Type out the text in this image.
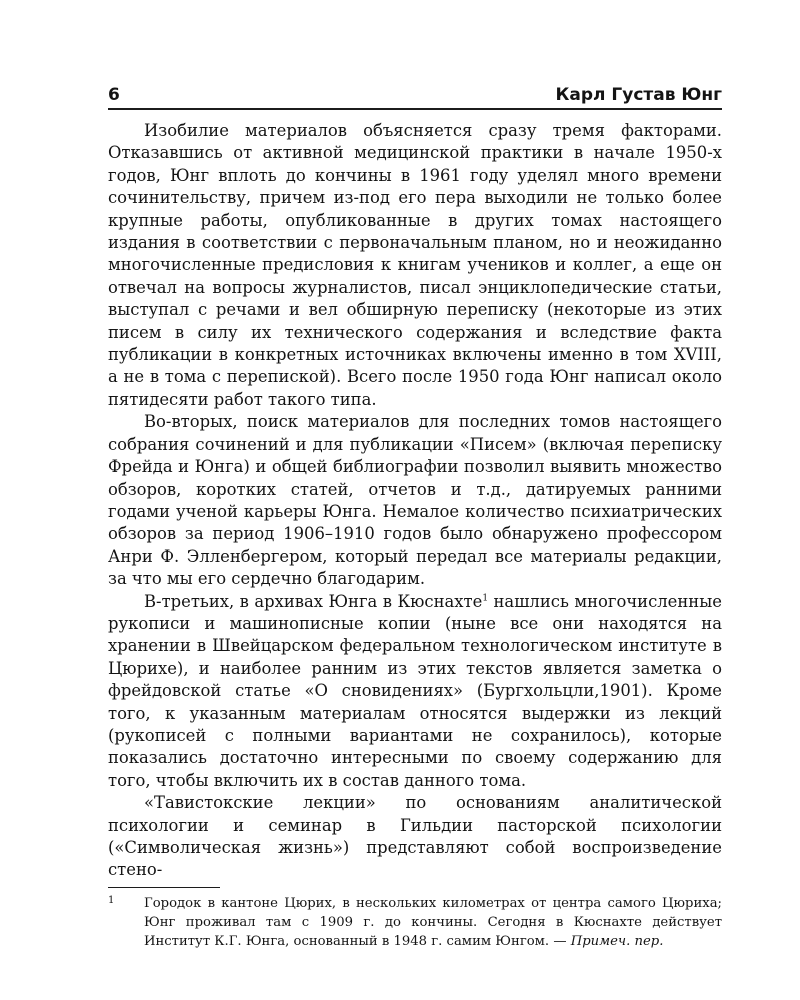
6	Карл Густав Юнг

Изобилие материалов объясняется сразу тремя факторами. Отказавшись от активной медицинской практики в начале 1950-х годов, Юнг вплоть до кончины в 1961 году уделял много времени сочинительству, причем из-под его пера выходили не только более крупные работы, опубликованные в других томах настоящего издания в соответствии с первоначальным планом, но и неожиданно многочисленные предисловия к книгам учеников и коллег, а еще он отвечал на вопросы журналистов, писал энциклопедические статьи, выступал с речами и вел обширную переписку (некоторые из этих писем в силу их технического содержания и вследствие факта публикации в конкретных источниках включены именно в том XVIII, а не в тома с перепиской). Всего после 1950 года Юнг написал около пятидесяти работ такого типа.

Во-вторых, поиск материалов для последних томов настоящего собрания сочинений и для публикации «Писем» (включая переписку Фрейда и Юнга) и общей библиографии позволил выявить множество обзоров, коротких статей, отчетов и т.д., датируемых ранними годами ученой карьеры Юнга. Немалое количество психиатрических обзоров за период 1906–1910 годов было обнаружено профессором Анри Ф. Элленбергером, который передал все материалы редакции, за что мы его сердечно благодарим.

В-третьих, в архивах Юнга в Кюснахте$^1$ нашлись многочисленные рукописи и машинописные копии (ныне все они находятся на хранении в Швейцарском федеральном технологическом институте в Цюрихе), и наиболее ранним из этих текстов является заметка о фрейдовской статье «О сновидениях» (Бургхольцли,1901). Кроме того, к указанным материалам относятся выдержки из лекций (рукописей с полными вариантами не сохранилось), которые показались достаточно интересными по своему содержанию для того, чтобы включить их в состав данного тома.

«Тавистокские лекции» по основаниям аналитической психологии и семинар в Гильдии пасторской психологии («Символическая жизнь») представляют собой воспроизведение стено-

1	Городок в кантоне Цюрих, в нескольких километрах от центра самого Цюриха; Юнг проживал там с 1909 г. до кончины. Сегодня в Кюснахте действует Институт К.Г. Юнга, основанный в 1948 г. самим Юнгом. — Примеч. пер.
